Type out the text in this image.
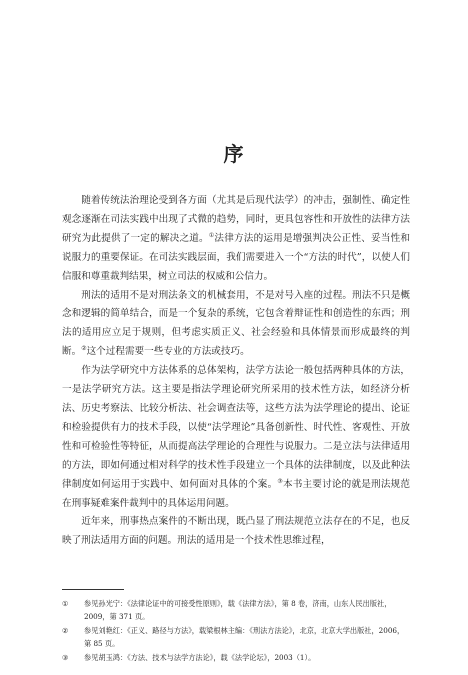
序

随着传统法治理论受到各方面（尤其是后现代法学）的冲击，强制性、确定性观念逐渐在司法实践中出现了式微的趋势，同时，更具包容性和开放性的法律方法研究为此提供了一定的解决之道。①法律方法的运用是增强判决公正性、妥当性和说服力的重要保证。在司法实践层面，我们需要进入一个“方法的时代”，以使人们信服和尊重裁判结果，树立司法的权威和公信力。

刑法的适用不是对刑法条文的机械套用，不是对号入座的过程。刑法不只是概念和逻辑的简单结合，而是一个复杂的系统，它包含着辩证性和创造性的东西；刑法的适用应立足于规则，但考虑实质正义、社会经验和具体情景而形成最终的判断。②这个过程需要一些专业的方法或技巧。

作为法学研究中方法体系的总体架构，法学方法论一般包括两种具体的方法，一是法学研究方法。这主要是指法学理论研究所采用的技术性方法，如经济分析法、历史考察法、比较分析法、社会调查法等，这些方法为法学理论的提出、论证和检验提供有力的技术手段，以使“法学理论”具备创新性、时代性、客观性、开放性和可检验性等特征，从而提高法学理论的合理性与说服力。二是立法与法律适用的方法，即如何通过相对科学的技术性手段建立一个具体的法律制度，以及此种法律制度如何运用于实践中、如何面对具体的个案。③本书主要讨论的就是刑法规范在刑事疑难案件裁判中的具体运用问题。

近年来，刑事热点案件的不断出现，既凸显了刑法规范立法存在的不足，也反映了刑法适用方面的问题。刑法的适用是一个技术性思维过程，

①	参见孙光宁：《法律论证中的可接受性原则》，载《法律方法》，第 8 卷，济南，山东人民出版社，2009，第 371 页。
②	参见刘艳红：《正义、路径与方法》，载梁根林主编：《刑法方法论》，北京，北京大学出版社，2006，第 85 页。
③	参见胡玉鸿：《方法、技术与法学方法论》，载《法学论坛》，2003（1）。
